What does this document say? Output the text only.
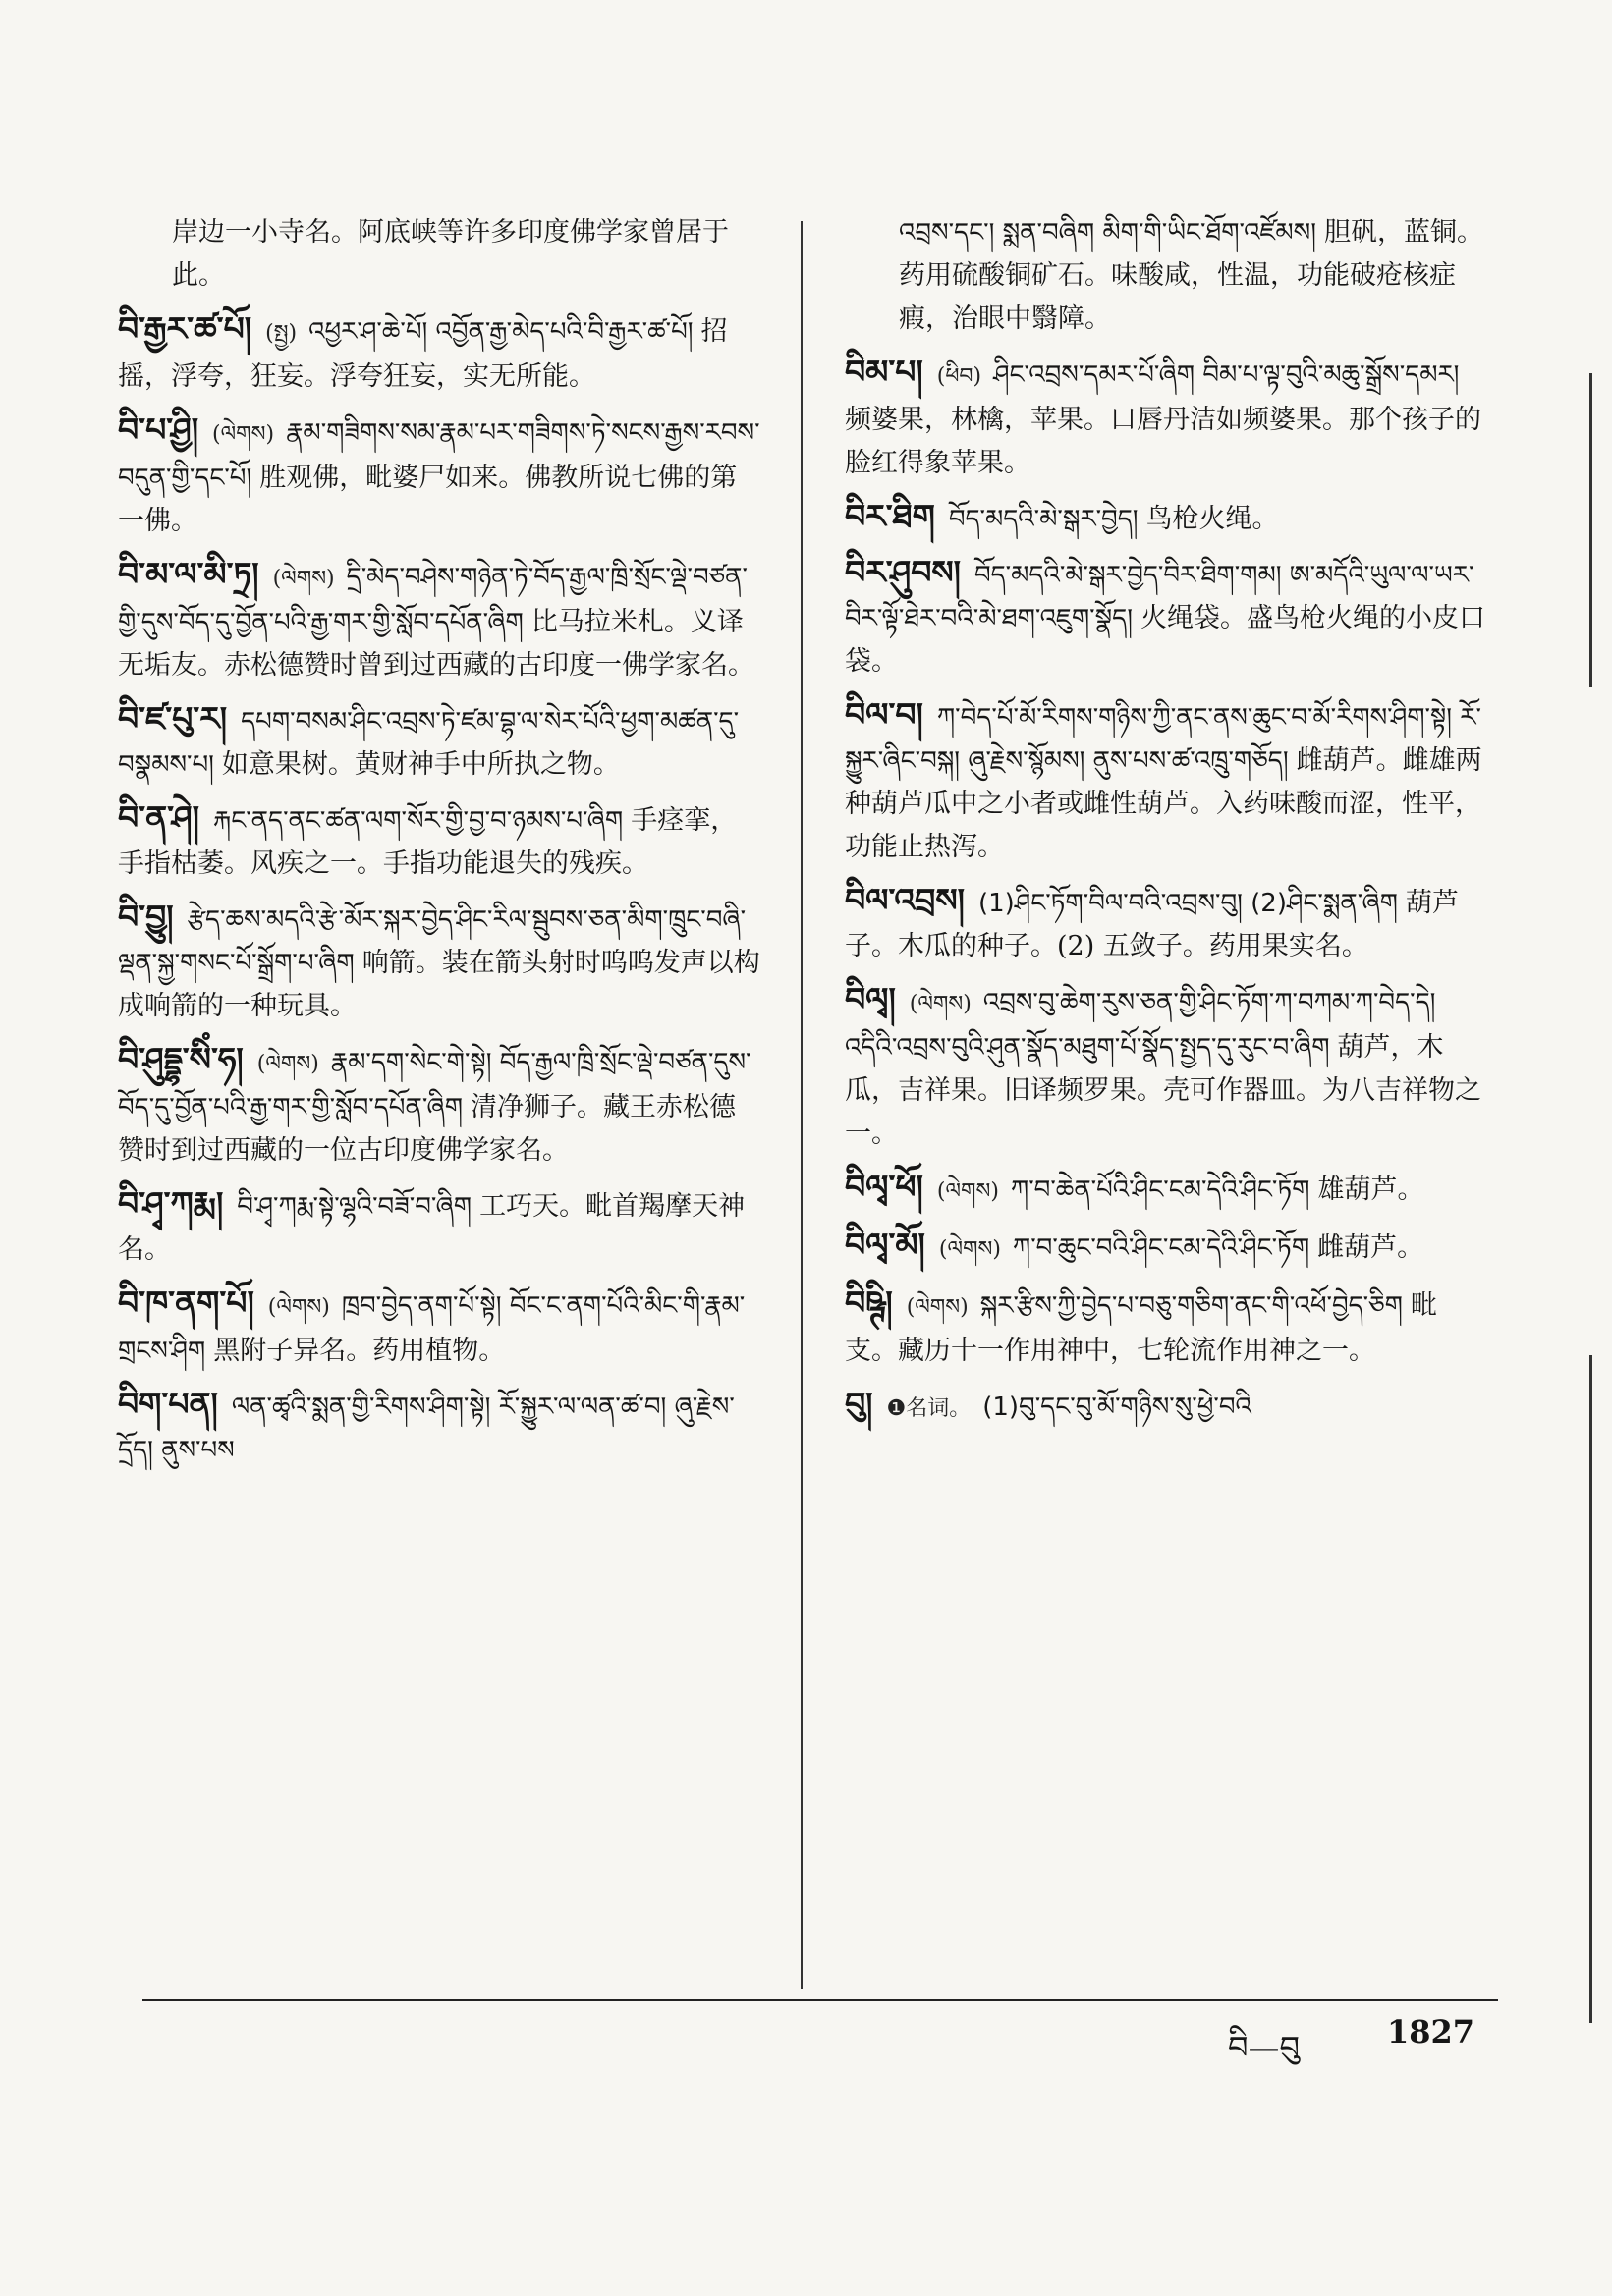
岸边一小寺名。阿底峡等许多印度佛学家曾居于此。
བི་རྒྱར་ཚ་པོ། (སྤྱ) འཕྱར་ཤ་ཆེ་པོ། འབྱོན་རྒྱ་མེད་པའི་བི་རྒྱར་ཚ་པོ། 招摇，浮夸，狂妄。浮夸狂妄，实无所能。
བི་པ་ཤྱི། (ལེགས) རྣམ་གཟིགས་སམ་རྣམ་པར་གཟིགས་ཏེ་སངས་རྒྱས་རབས་བདུན་གྱི་དང་པོ། 胜观佛，毗婆尸如来。佛教所说七佛的第一佛。
བི་མ་ལ་མི་ཏྲ། (ལེགས) དྲི་མེད་བཤེས་གཉེན་ཏེ་བོད་རྒྱལ་ཁྲི་སྲོང་ལྡེ་བཙན་གྱི་དུས་བོད་དུ་བྱོན་པའི་རྒྱ་གར་གྱི་སློབ་དཔོན་ཞིག 比马拉米札。义译无垢友。赤松德赞时曾到过西藏的古印度一佛学家名。
བི་ཛ་པུ་ར། དཔག་བསམ་ཤིང་འབྲས་ཏེ་ཛམ་བྷ་ལ་སེར་པོའི་ཕྱག་མཚན་དུ་བསྣམས་པ། 如意果树。黄财神手中所执之物。
བི་ན་ཤེ། རྐང་ནད་ནང་ཚན་ལག་སོར་གྱི་བྱ་བ་ཉམས་པ་ཞིག 手痉挛，手指枯萎。风疾之一。手指功能退失的残疾。
བི་བྱུ། རྩེད་ཆས་མདའི་རྩེ་མོར་སྐར་བྱེད་ཤིང་རིལ་སྦུབས་ཅན་མིག་ཁྲུང་བཞི་ལྡན་སྐྱ་གསང་པོ་སྒྲོག་པ་ཞིག 响箭。装在箭头射时呜呜发声以构成响箭的一种玩具。
བི་ཤུདྡྷ་སིཾ་ཧ། (ལེགས) རྣམ་དག་སེང་གེ་སྟེ། བོད་རྒྱལ་ཁྲི་སྲོང་ལྡེ་བཙན་དུས་བོད་དུ་བྱོན་པའི་རྒྱ་གར་གྱི་སློབ་དཔོན་ཞིག 清净狮子。藏王赤松德赞时到过西藏的一位古印度佛学家名。
བི་ཤྭ་ཀརྨ། བི་ཤྭ་ཀརྨ་སྟེ་ལྷའི་བཟོ་བ་ཞིག 工巧天。毗首羯摩天神名。
བི་ཁ་ནག་པོ། (ལེགས) ཁྲབ་བྱེད་ནག་པོ་སྟེ། བོང་ང་ནག་པོའི་མིང་གི་རྣམ་གྲངས་ཤིག 黑附子异名。药用植物。
བིག་པན། ལན་ཚྭའི་སྨན་གྱི་རིགས་ཤིག་སྟེ། རོ་སྐྱུར་ལ་ལན་ཚ་བ། ཞུ་རྗེས་དྲོད། ནུས་པས
འབྲས་དང་། སྨན་བཞིག མིག་གི་ཡིང་ཐོག་འཛོམས། 胆矾，蓝铜。药用硫酸铜矿石。味酸咸，性温，功能破疮核症瘕，治眼中翳障。
བིམ་པ། (ཕིབ) ཤིང་འབྲས་དམར་པོ་ཞིག བིམ་པ་ལྟ་བུའི་མཆུ་སྒྲོས་དམར།频婆果，林檎，苹果。口唇丹洁如频婆果。那个孩子的脸红得象苹果。
བིར་ཐིག བོད་མདའི་མེ་སྒར་བྱེད། 鸟枪火绳。
བིར་ཤུབས། བོད་མདའི་མེ་སྒར་བྱེད་བིར་ཐིག་གམ། ཨ་མདོའི་ཡུལ་ལ་ཡར་བིར་ལྟོ་ཐེར་བའི་མེ་ཐག་འཇུག་སྣོད། 火绳袋。盛鸟枪火绳的小皮口袋。
བིལ་བ། ཀ་བེད་པོ་མོ་རིགས་གཉིས་ཀྱི་ནང་ནས་ཆུང་བ་མོ་རིགས་ཤིག་སྟེ། རོ་སྐྱུར་ཞིང་བསྐ། ཞུ་རྗེས་སྙོམས། ནུས་པས་ཚ་འཁྲུ་གཅོད། 雌葫芦。雌雄两种葫芦瓜中之小者或雌性葫芦。入药味酸而涩，性平，功能止热泻。
བིལ་འབྲས། (1)ཤིང་ཏོག་བིལ་བའི་འབྲས་བུ། (2)ཤིང་སྨན་ཞིག 葫芦子。木瓜的种子。(2) 五敛子。药用果实名。
བིལྭ། (ལེགས) འབྲས་བུ་ཆེག་རུས་ཅན་གྱི་ཤིང་ཏོག་ཀ་བཀམ་ཀ་བེད་དེ། འདིའི་འབྲས་བུའི་ཤུན་སྣོད་མཐུག་པོ་སྣོད་སྤྱད་དུ་རུང་བ་ཞིག 葫芦，木瓜，吉祥果。旧译频罗果。壳可作器皿。为八吉祥物之一。
བིལྭ་ཕོ། (ལེགས) ཀ་བ་ཆེན་པོའི་ཤིང་ངམ་དེའི་ཤིང་ཏོག 雄葫芦。
བིལྭ་མོ། (ལེགས) ཀ་བ་ཆུང་བའི་ཤིང་ངམ་དེའི་ཤིང་ཏོག 雌葫芦。
བིཥྚི། (ལེགས) སྐར་རྩིས་ཀྱི་བྱེད་པ་བཅུ་གཅིག་ནང་གི་འཕོ་བྱེད་ཅིག 毗支。藏历十一作用神中，七轮流作用神之一。
བུ། ❶名词。 (1)བུ་དང་བུ་མོ་གཉིས་སུ་ཕྱེ་བའི
བི—བུ	1827
